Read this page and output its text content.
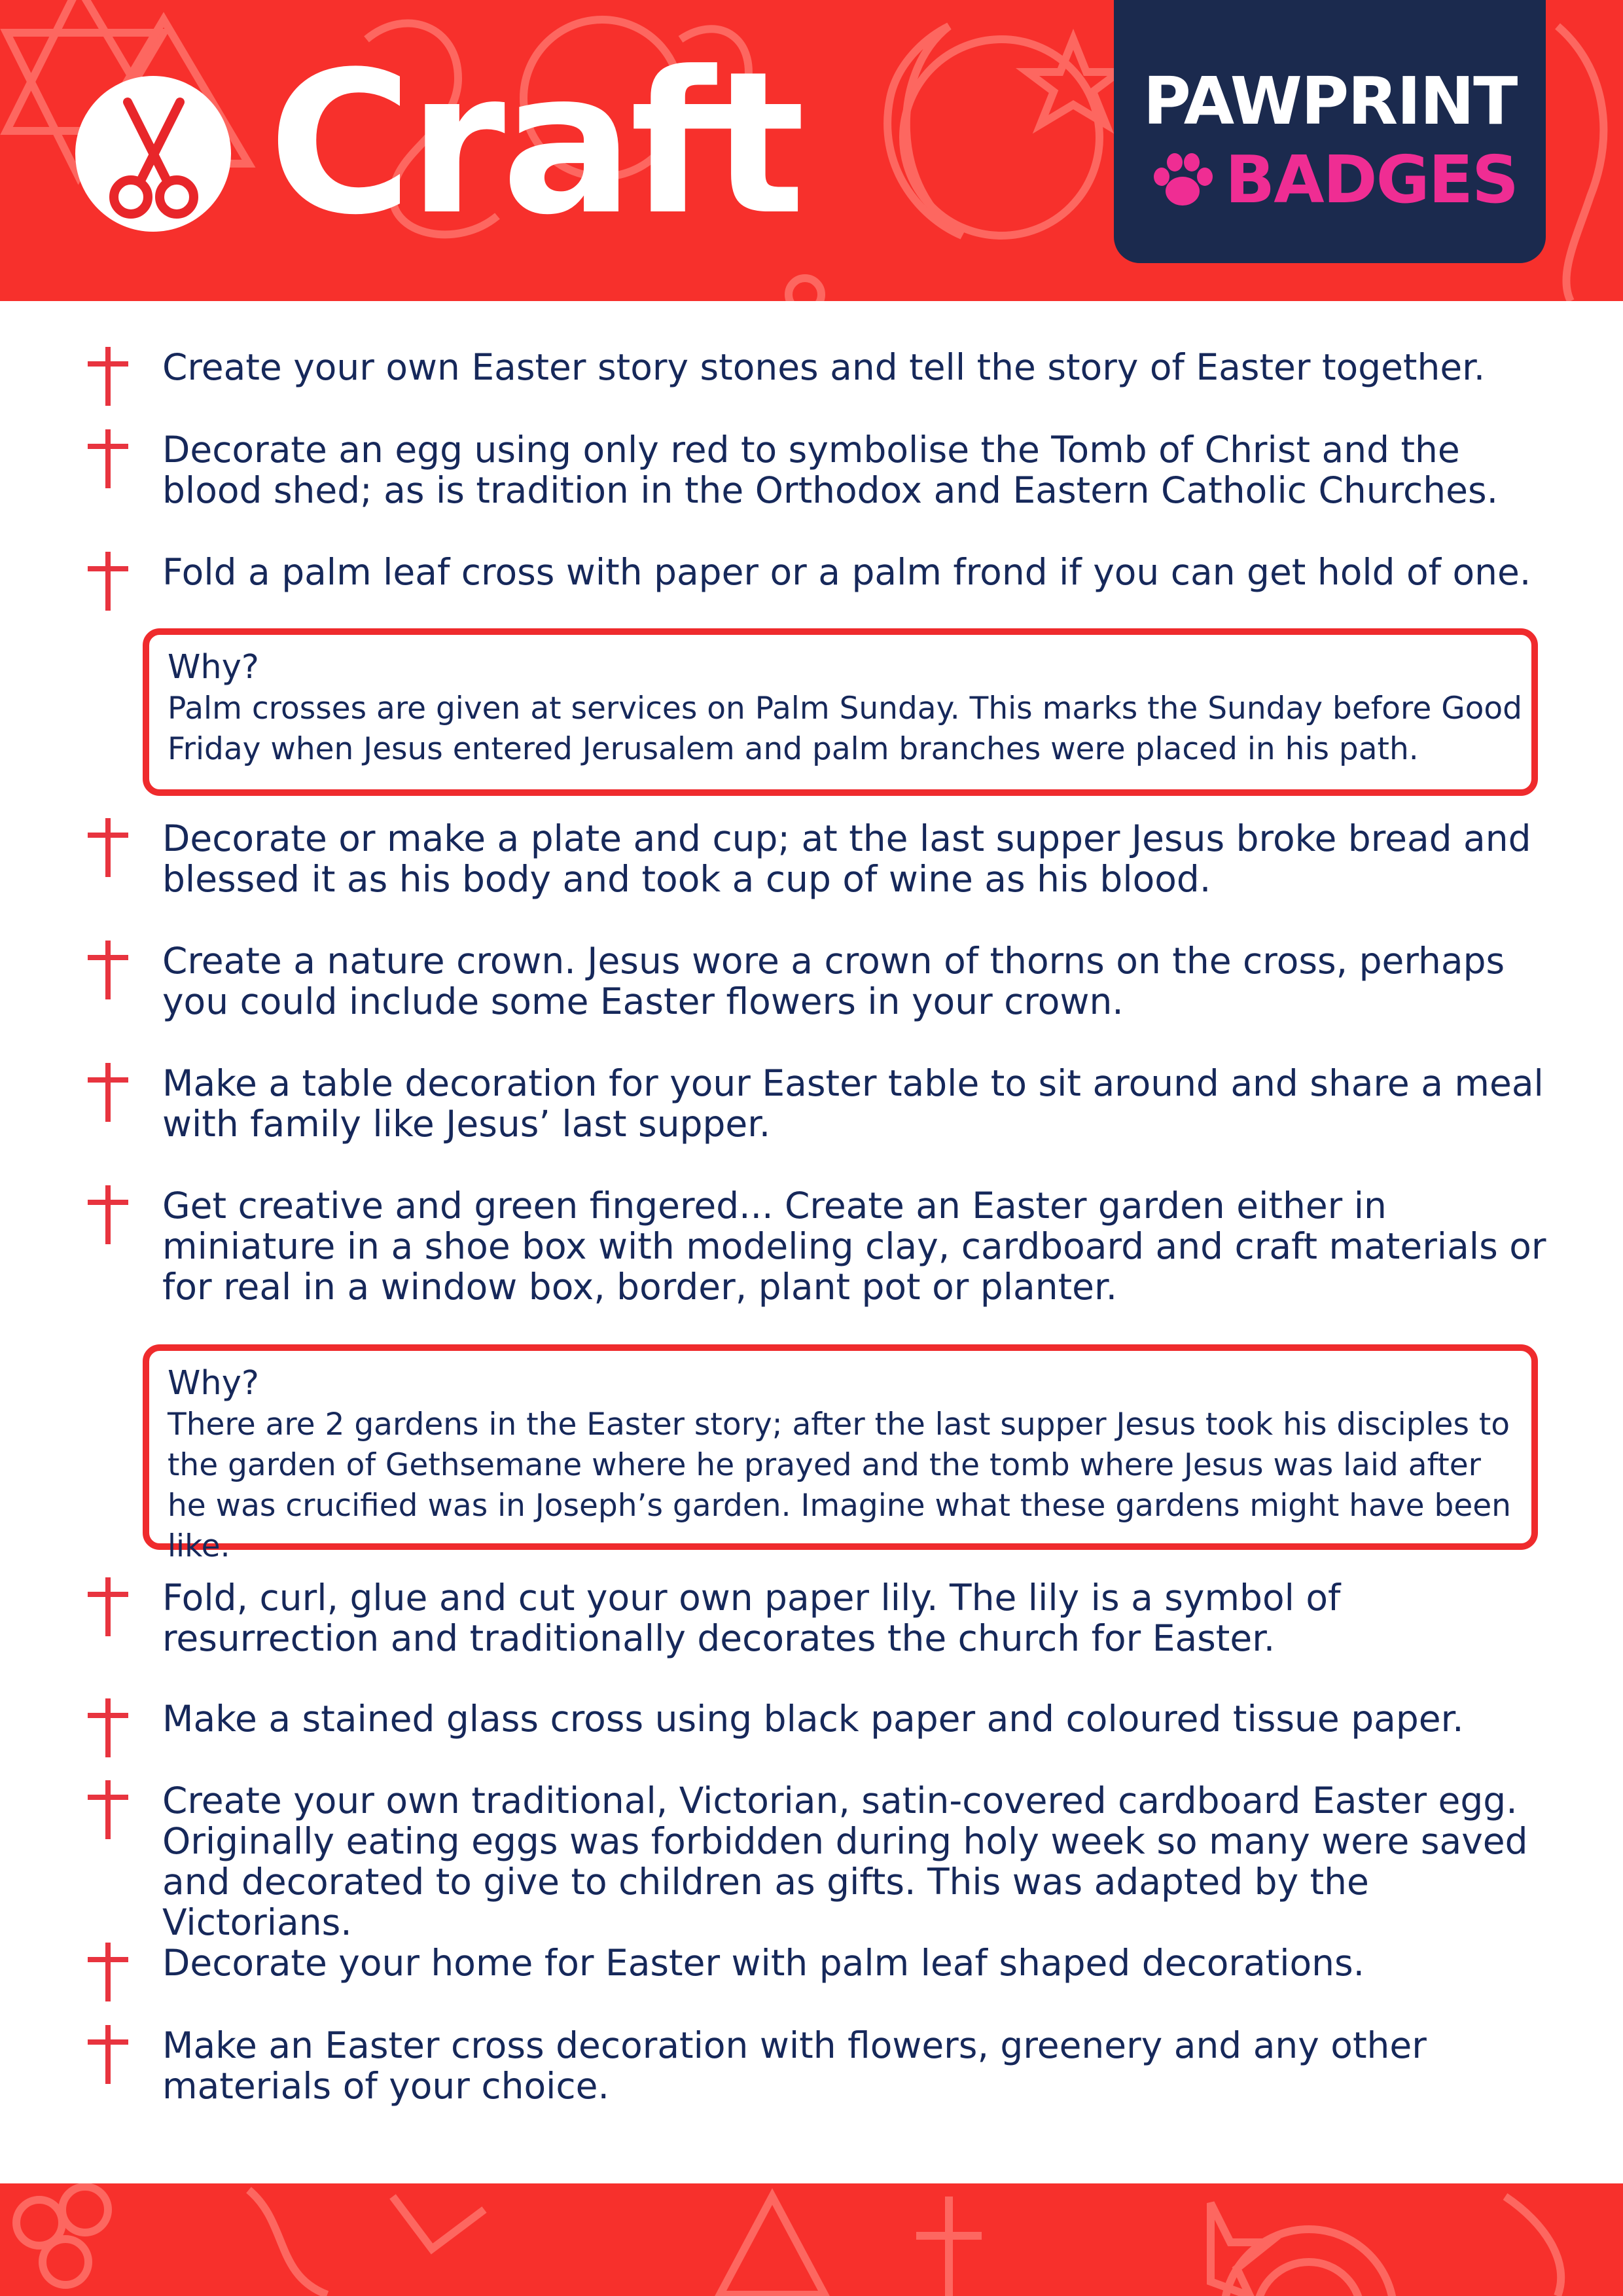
Craft	PAWPRINT
BADGES

Create your own Easter story stones and tell the story of Easter together.

Decorate an egg using only red to symbolise the Tomb of Christ and the blood shed; as is tradition in the Orthodox and Eastern Catholic Churches.

Fold a palm leaf cross with paper or a palm frond if you can get hold of one.

Why?
Palm crosses are given at services on Palm Sunday. This marks the Sunday before Good Friday when Jesus entered Jerusalem and palm branches were placed in his path.

Decorate or make a plate and cup; at the last supper Jesus broke bread and blessed it as his body and took a cup of wine as his blood.

Create a nature crown. Jesus wore a crown of thorns on the cross, perhaps you could include some Easter flowers in your crown.

Make a table decoration for your Easter table to sit around and share a meal with family like Jesus’ last supper.

Get creative and green fingered... Create an Easter garden either in miniature in a shoe box with modeling clay, cardboard and craft materials or for real in a window box, border, plant pot or planter.

Why?
There are 2 gardens in the Easter story; after the last supper Jesus took his disciples to the garden of Gethsemane where he prayed and the tomb where Jesus was laid after he was crucified was in Joseph’s garden. Imagine what these gardens might have been like.

Fold, curl, glue and cut your own paper lily. The lily is a symbol of resurrection and traditionally decorates the church for Easter.

Make a stained glass cross using black paper and coloured tissue paper.

Create your own traditional, Victorian, satin-covered cardboard Easter egg. Originally eating eggs was forbidden during holy week so many were saved and decorated to give to children as gifts. This was adapted by the Victorians.

Decorate your home for Easter with palm leaf shaped decorations.

Make an Easter cross decoration with flowers, greenery and any other materials of your choice.
